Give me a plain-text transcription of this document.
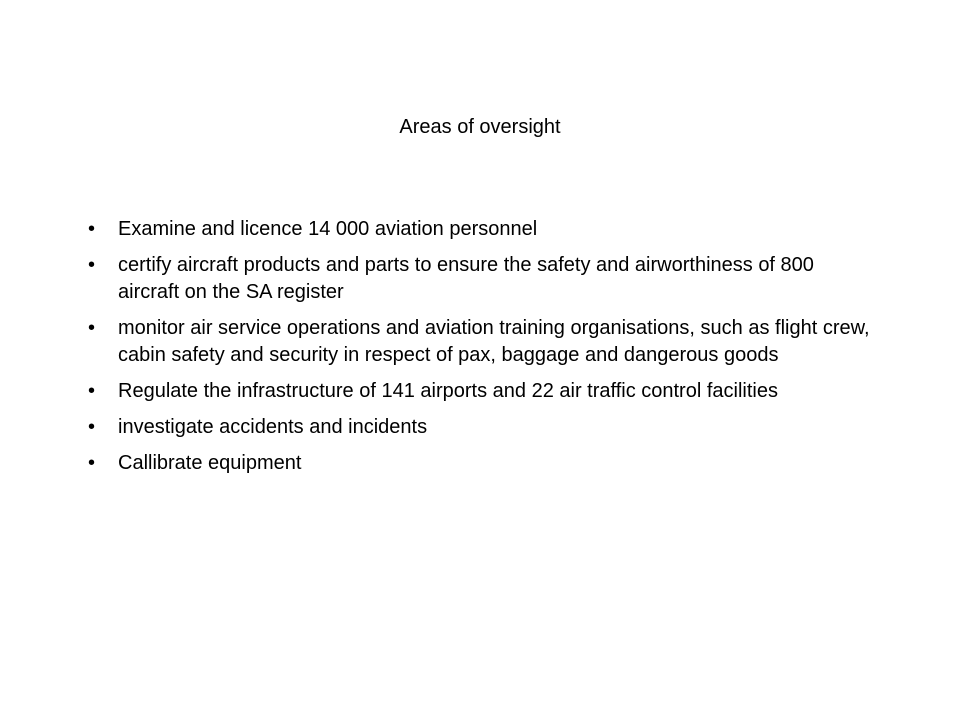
Areas of oversight
•	Examine and licence 14 000 aviation personnel
•	certify aircraft products and parts to ensure the safety and airworthiness of 800 aircraft on the SA register
•	monitor air service operations and aviation training organisations, such as flight crew, cabin safety and security in respect of pax, baggage and dangerous goods
•	Regulate the infrastructure of 141 airports and 22 air traffic control facilities
•	investigate accidents and incidents
•	Callibrate equipment
